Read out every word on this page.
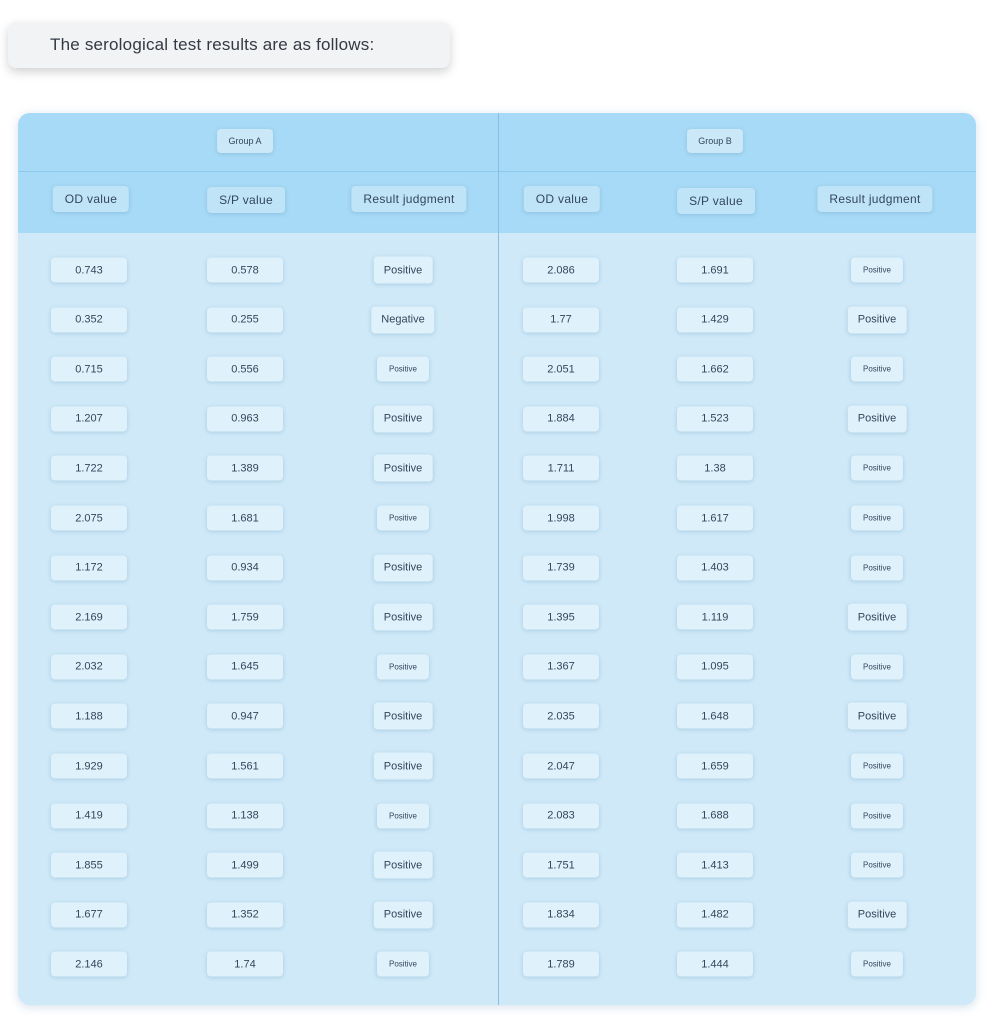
The serological test results are as follows:
Group A	Group B
OD value	S/P value	Result judgment	OD value	S/P value	Result judgment
0.743	0.578	Positive	2.086	1.691	Positive
0.352	0.255	Negative	1.77	1.429	Positive
0.715	0.556	Positive	2.051	1.662	Positive
1.207	0.963	Positive	1.884	1.523	Positive
1.722	1.389	Positive	1.711	1.38	Positive
2.075	1.681	Positive	1.998	1.617	Positive
1.172	0.934	Positive	1.739	1.403	Positive
2.169	1.759	Positive	1.395	1.119	Positive
2.032	1.645	Positive	1.367	1.095	Positive
1.188	0.947	Positive	2.035	1.648	Positive
1.929	1.561	Positive	2.047	1.659	Positive
1.419	1.138	Positive	2.083	1.688	Positive
1.855	1.499	Positive	1.751	1.413	Positive
1.677	1.352	Positive	1.834	1.482	Positive
2.146	1.74	Positive	1.789	1.444	Positive
